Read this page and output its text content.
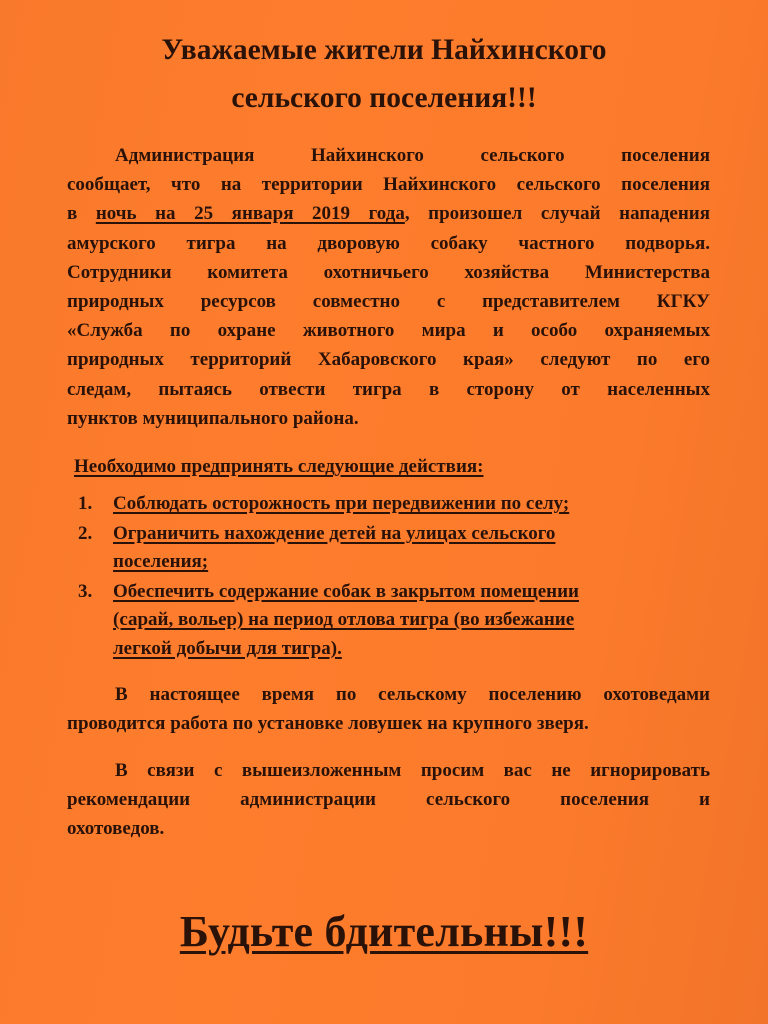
Уважаемые жители Найхинского
сельского поселения!!!
Администрация Найхинского сельского поселения
сообщает, что на территории Найхинского сельского поселения
в ночь на 25 января 2019 года, произошел случай нападения
амурского тигра на дворовую собаку частного подворья.
Сотрудники комитета охотничьего хозяйства Министерства
природных ресурсов совместно с представителем КГКУ
«Служба по охране животного мира и особо охраняемых
природных территорий Хабаровского края» следуют по его
следам, пытаясь отвести тигра в сторону от населенных
пунктов муниципального района.
Необходимо предпринять следующие действия:
1. Соблюдать осторожность при передвижении по селу;
2. Ограничить нахождение детей на улицах сельского
поселения;
3. Обеспечить содержание собак в закрытом помещении
(сарай, вольер) на период отлова тигра (во избежание
легкой добычи для тигра).
В настоящее время по сельскому поселению охотоведами
проводится работа по установке ловушек на крупного зверя.
В связи с вышеизложенным просим вас не игнорировать
рекомендации администрации сельского поселения и
охотоведов.
Будьте бдительны!!!
